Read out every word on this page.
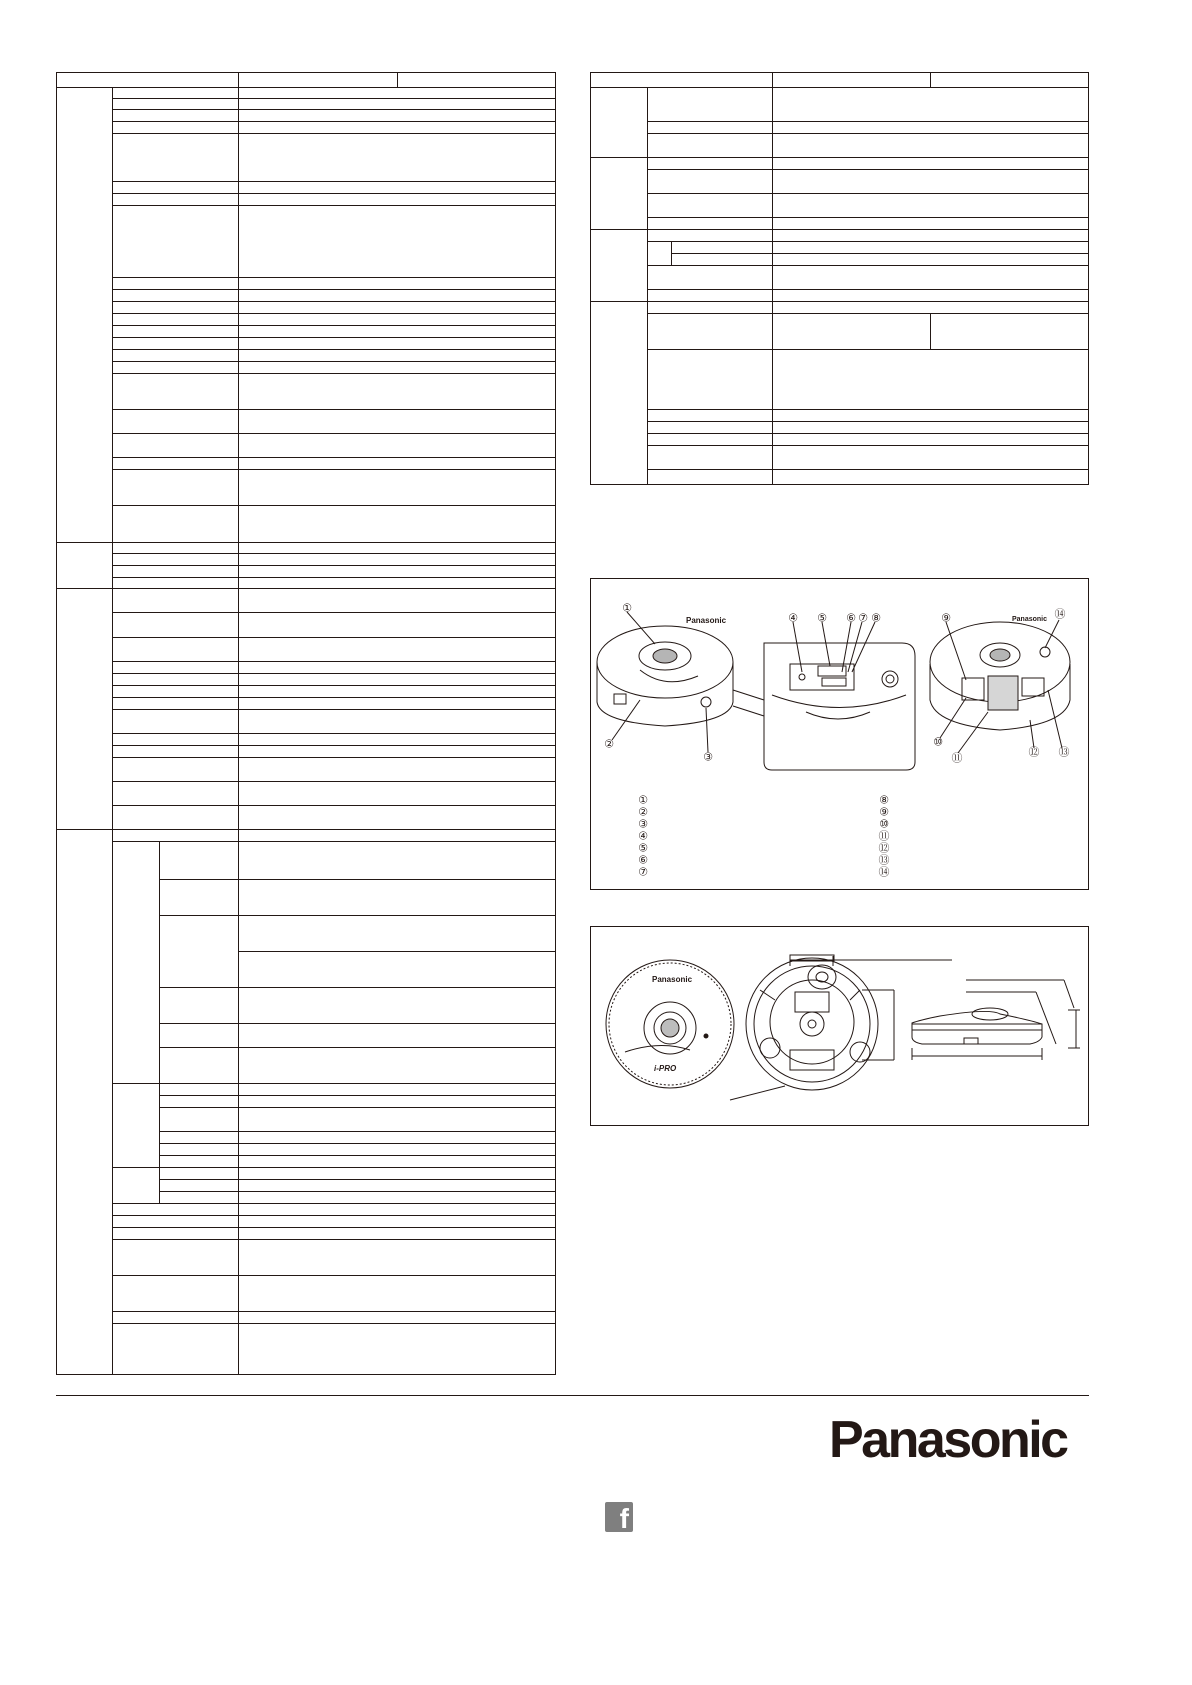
Panasonic	Panasonic
①
②
③
④ ⑤ ⑥ ⑦ ⑧	⑨
⑩
⑪	⑫ ⑬
⑭
①
②
③
④
⑤
⑥
⑦
⑧
⑨
⑩
⑪
⑫
⑬
⑭
Panasonic
i-PRO
Panasonic
f
